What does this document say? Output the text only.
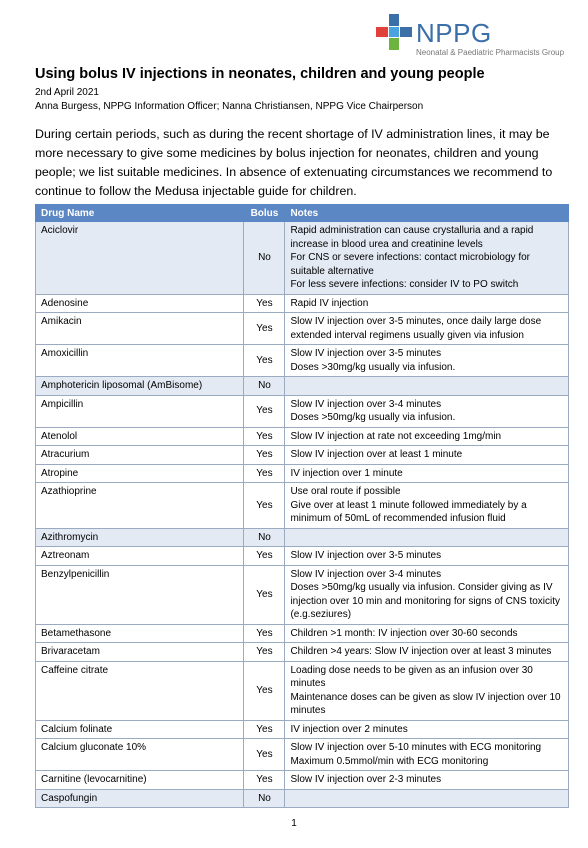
NPPG
Neonatal & Paediatric Pharmacists Group
Using bolus IV injections in neonates, children and young people
2nd April 2021
Anna Burgess, NPPG Information Officer; Nanna Christiansen, NPPG Vice Chairperson

During certain periods, such as during the recent shortage of IV administration lines, it may be more necessary to give some medicines by bolus injection for neonates, children and young people; we list suitable medicines. In absence of extenuating circumstances we recommend to continue to follow the Medusa injectable guide for children.

Drug Name	Bolus	Notes
Aciclovir	No	Rapid administration can cause crystalluria and a rapid increase in blood urea and creatinine levels
For CNS or severe infections: contact microbiology for suitable alternative
For less severe infections: consider IV to PO switch

Adenosine	Yes	Rapid IV injection

Amikacin	Yes	Slow IV injection over 3-5 minutes, once daily large dose extended interval regimens usually given via infusion

Amoxicillin	Yes	Slow IV injection over 3-5 minutes
Doses >30mg/kg usually via infusion.

Amphotericin liposomal (AmBisome)	No	
Ampicillin	Yes	Slow IV injection over 3-4 minutes
Doses >50mg/kg usually via infusion.

Atenolol	Yes	Slow IV injection at rate not exceeding 1mg/min

Atracurium	Yes	Slow IV injection over at least 1 minute

Atropine	Yes	IV injection over 1 minute

Azathioprine	Yes	Use oral route if possible
Give over at least 1 minute followed immediately by a minimum of 50mL of recommended infusion fluid

Azithromycin	No	
Aztreonam	Yes	Slow IV injection over 3-5 minutes

Benzylpenicillin	Yes	Slow IV injection over 3-4 minutes
Doses >50mg/kg usually via infusion. Consider giving as IV injection over 10 min and monitoring for signs of CNS toxicity (e.g.seziures)

Betamethasone	Yes	Children >1 month: IV injection over 30-60 seconds

Brivaracetam	Yes	Children >4 years: Slow IV injection over at least 3 minutes

Caffeine citrate	Yes	Loading dose needs to be given as an infusion over 30 minutes
Maintenance doses can be given as slow IV injection over 10 minutes

Calcium folinate	Yes	IV injection over 2 minutes

Calcium gluconate 10%	Yes	Slow IV injection over 5-10 minutes with ECG monitoring
Maximum 0.5mmol/min with ECG monitoring

Carnitine (levocarnitine)	Yes	Slow IV injection over 2-3 minutes

Caspofungin	No	
1
